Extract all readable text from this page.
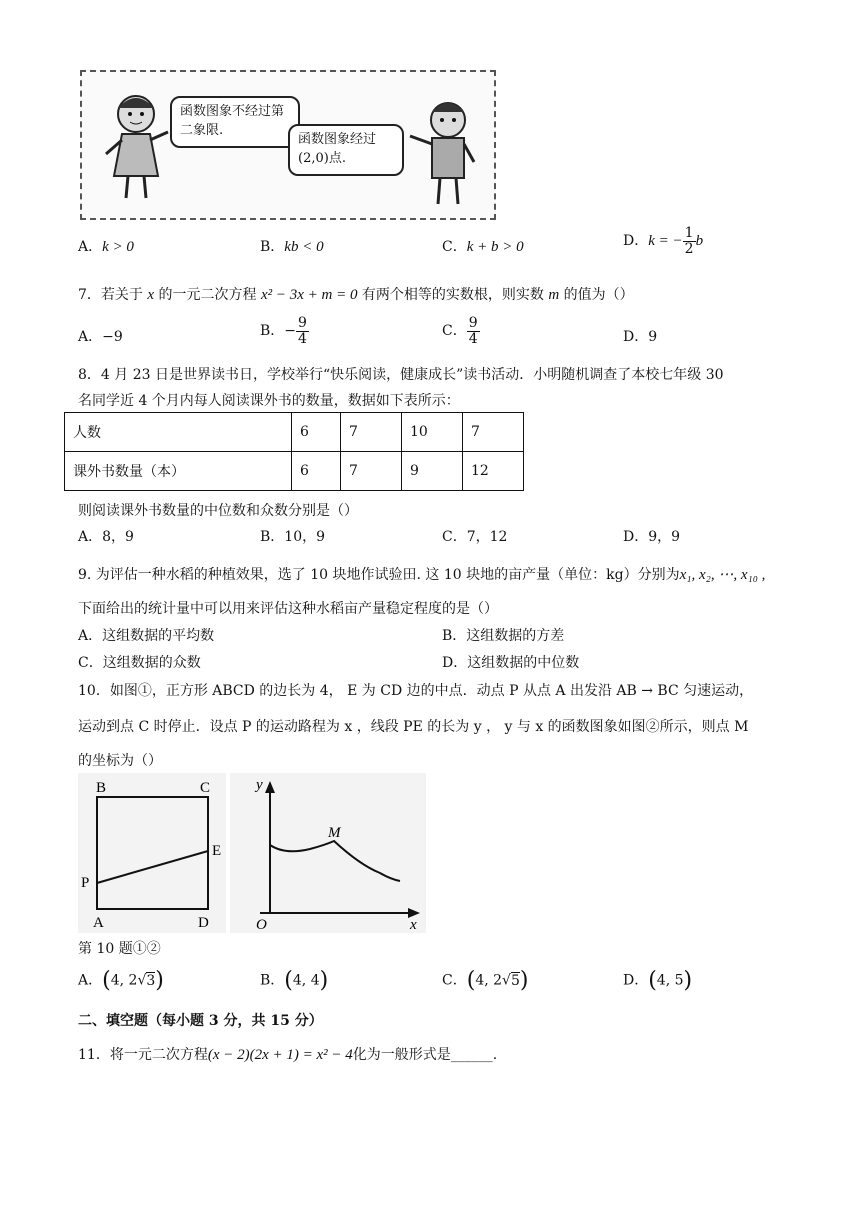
函数图象不经过第二象限.
函数图象经过(2,0)点.
A．k > 0	B．kb < 0	C．k + b > 0	D．k = − $\frac{1}{2}$ b
7．若关于 x 的一元二次方程 x² − 3x + m = 0 有两个相等的实数根，则实数 m 的值为（）
A．−9	B．− $\frac{9}{4}$	C． $\frac{9}{4}$	D．9
8．4 月 23 日是世界读书日，学校举行“快乐阅读，健康成长”读书活动．小明随机调查了本校七年级 30
名同学近 4 个月内每人阅读课外书的数量，数据如下表所示：
人数	6	7	10	7
课外书数量（本）	6	7	9	12
则阅读课外书数量的中位数和众数分别是（）
A．8，9	B．10，9	C．7，12	D．9，9
9. 为评估一种水稻的种植效果，选了 10 块地作试验田. 这 10 块地的亩产量（单位：kg）分别为x₁, x₂, ⋯, x₁₀ ,
下面给出的统计量中可以用来评估这种水稻亩产量稳定程度的是（）
A．这组数据的平均数	B．这组数据的方差
C．这组数据的众数	D．这组数据的中位数
10．如图①，正方形 ABCD 的边长为 4， E 为 CD 边的中点．动点 P 从点 A 出发沿 AB → BC 匀速运动，
运动到点 C 时停止．设点 P 的运动路程为 x ，线段 PE 的长为 y ， y 与 x 的函数图象如图②所示，则点 M
的坐标为（）
B	C
E
P
A	D
y
M
O	x
第 10 题①②
A．(4, 2√3)	B．(4, 4)	C．(4, 2√5)	D．(4, 5)
二、填空题（每小题 3 分，共 15 分）
11．将一元二次方程(x − 2)(2x + 1) = x² − 4化为一般形式是______.
